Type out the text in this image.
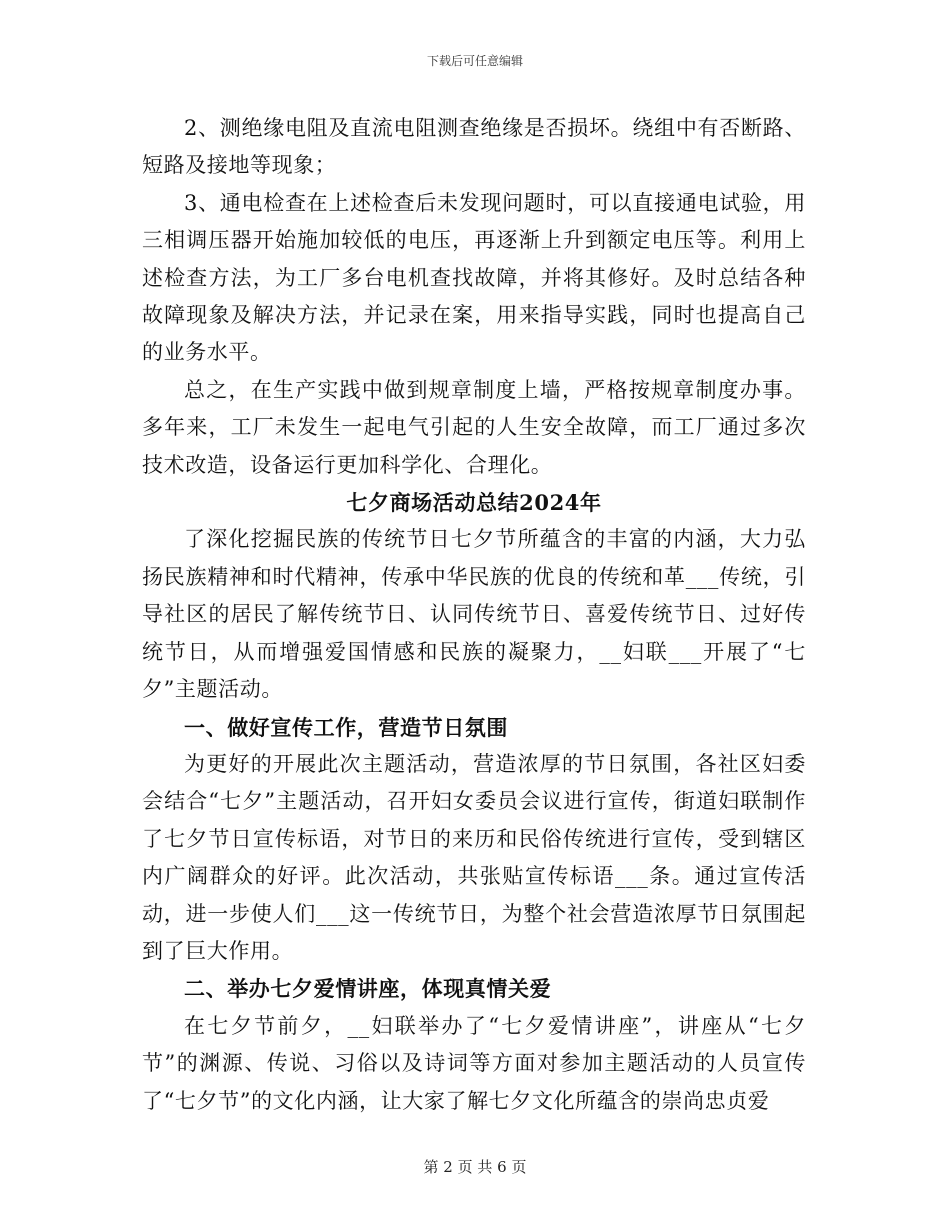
下载后可任意编辑

2、测绝缘电阻及直流电阻测查绝缘是否损坏。绕组中有否断路、短路及接地等现象；

3、通电检查在上述检查后未发现问题时，可以直接通电试验，用三相调压器开始施加较低的电压，再逐渐上升到额定电压等。利用上述检查方法，为工厂多台电机查找故障，并将其修好。及时总结各种故障现象及解决方法，并记录在案，用来指导实践，同时也提高自己的业务水平。

总之，在生产实践中做到规章制度上墙，严格按规章制度办事。多年来，工厂未发生一起电气引起的人生安全故障，而工厂通过多次技术改造，设备运行更加科学化、合理化。

七夕商场活动总结2024年

了深化挖掘民族的传统节日七夕节所蕴含的丰富的内涵，大力弘扬民族精神和时代精神，传承中华民族的优良的传统和革___传统，引导社区的居民了解传统节日、认同传统节日、喜爱传统节日、过好传统节日，从而增强爱国情感和民族的凝聚力，__妇联___开展了“七夕”主题活动。

一、做好宣传工作，营造节日氛围

为更好的开展此次主题活动，营造浓厚的节日氛围，各社区妇委会结合“七夕”主题活动，召开妇女委员会议进行宣传，街道妇联制作了七夕节日宣传标语，对节日的来历和民俗传统进行宣传，受到辖区内广阔群众的好评。此次活动，共张贴宣传标语___条。通过宣传活动，进一步使人们___这一传统节日，为整个社会营造浓厚节日氛围起到了巨大作用。

二、举办七夕爱情讲座，体现真情关爱

在七夕节前夕，__妇联举办了“七夕爱情讲座”，讲座从“七夕节”的渊源、传说、习俗以及诗词等方面对参加主题活动的人员宣传了“七夕节”的文化内涵，让大家了解七夕文化所蕴含的崇尚忠贞爱

第 2 页 共 6 页
